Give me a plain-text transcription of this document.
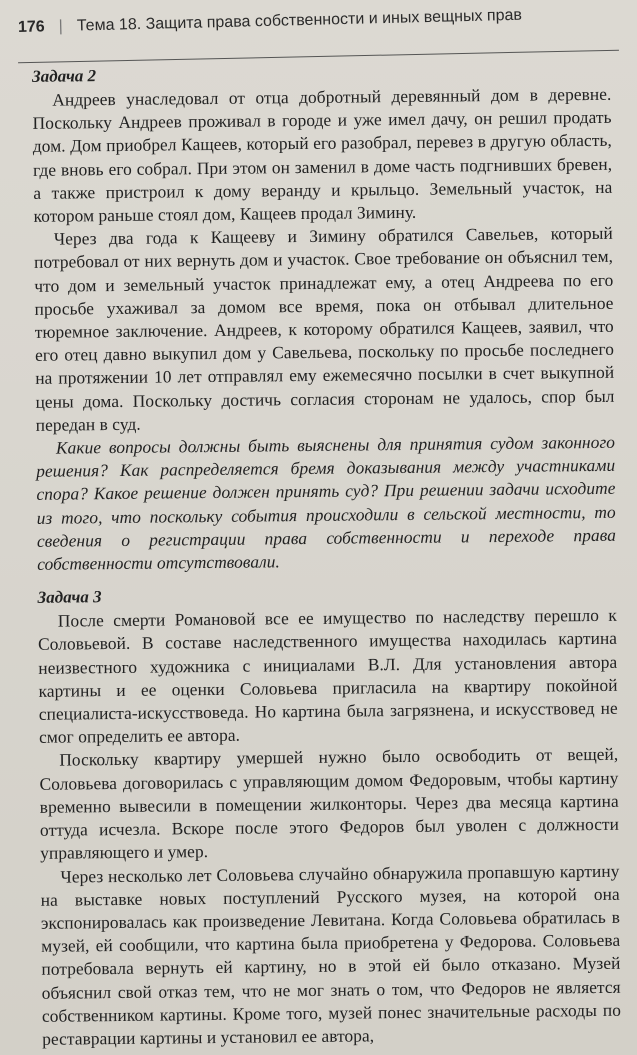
176 | Тема 18. Защита права собственности и иных вещных прав
Задача 2

Андреев унаследовал от отца добротный деревянный дом в деревне. Поскольку Андреев проживал в городе и уже имел дачу, он решил продать дом. Дом приобрел Кащеев, который его разобрал, перевез в другую область, где вновь его собрал. При этом он заменил в доме часть подгнивших бревен, а также пристроил к дому веранду и крыльцо. Земельный участок, на котором раньше стоял дом, Кащеев продал Зимину.

Через два года к Кащееву и Зимину обратился Савельев, который потребовал от них вернуть дом и участок. Свое требование он объяснил тем, что дом и земельный участок принадлежат ему, а отец Андреева по его просьбе ухаживал за домом все время, пока он отбывал длительное тюремное заключение. Андреев, к которому обратился Кащеев, заявил, что его отец давно выкупил дом у Савельева, поскольку по просьбе последнего на протяжении 10 лет отправлял ему ежемесячно посылки в счет выкупной цены дома. Поскольку достичь согласия сторонам не удалось, спор был передан в суд.

Какие вопросы должны быть выяснены для принятия судом законного решения? Как распределяется бремя доказывания между участниками спора? Какое решение должен принять суд? При решении задачи исходите из того, что поскольку события происходили в сельской местности, то сведения о регистрации права собственности и переходе права собственности отсутствовали.

Задача 3

После смерти Романовой все ее имущество по наследству перешло к Соловьевой. В составе наследственного имущества находилась картина неизвестного художника с инициалами В.Л. Для установления автора картины и ее оценки Соловьева пригласила на квартиру покойной специалиста-искусствоведа. Но картина была загрязнена, и искусствовед не смог определить ее автора.

Поскольку квартиру умершей нужно было освободить от вещей, Соловьева договорилась с управляющим домом Федоровым, чтобы картину временно вывесили в помещении жилконторы. Через два месяца картина оттуда исчезла. Вскоре после этого Федоров был уволен с должности управляющего и умер.

Через несколько лет Соловьева случайно обнаружила пропавшую картину на выставке новых поступлений Русского музея, на которой она экспонировалась как произведение Левитана. Когда Соловьева обратилась в музей, ей сообщили, что картина была приобретена у Федорова. Соловьева потребовала вернуть ей картину, но в этой ей было отказано. Музей объяснил свой отказ тем, что не мог знать о том, что Федоров не является собственником картины. Кроме того, музей понес значительные расходы по реставрации картины и установил ее автора,
